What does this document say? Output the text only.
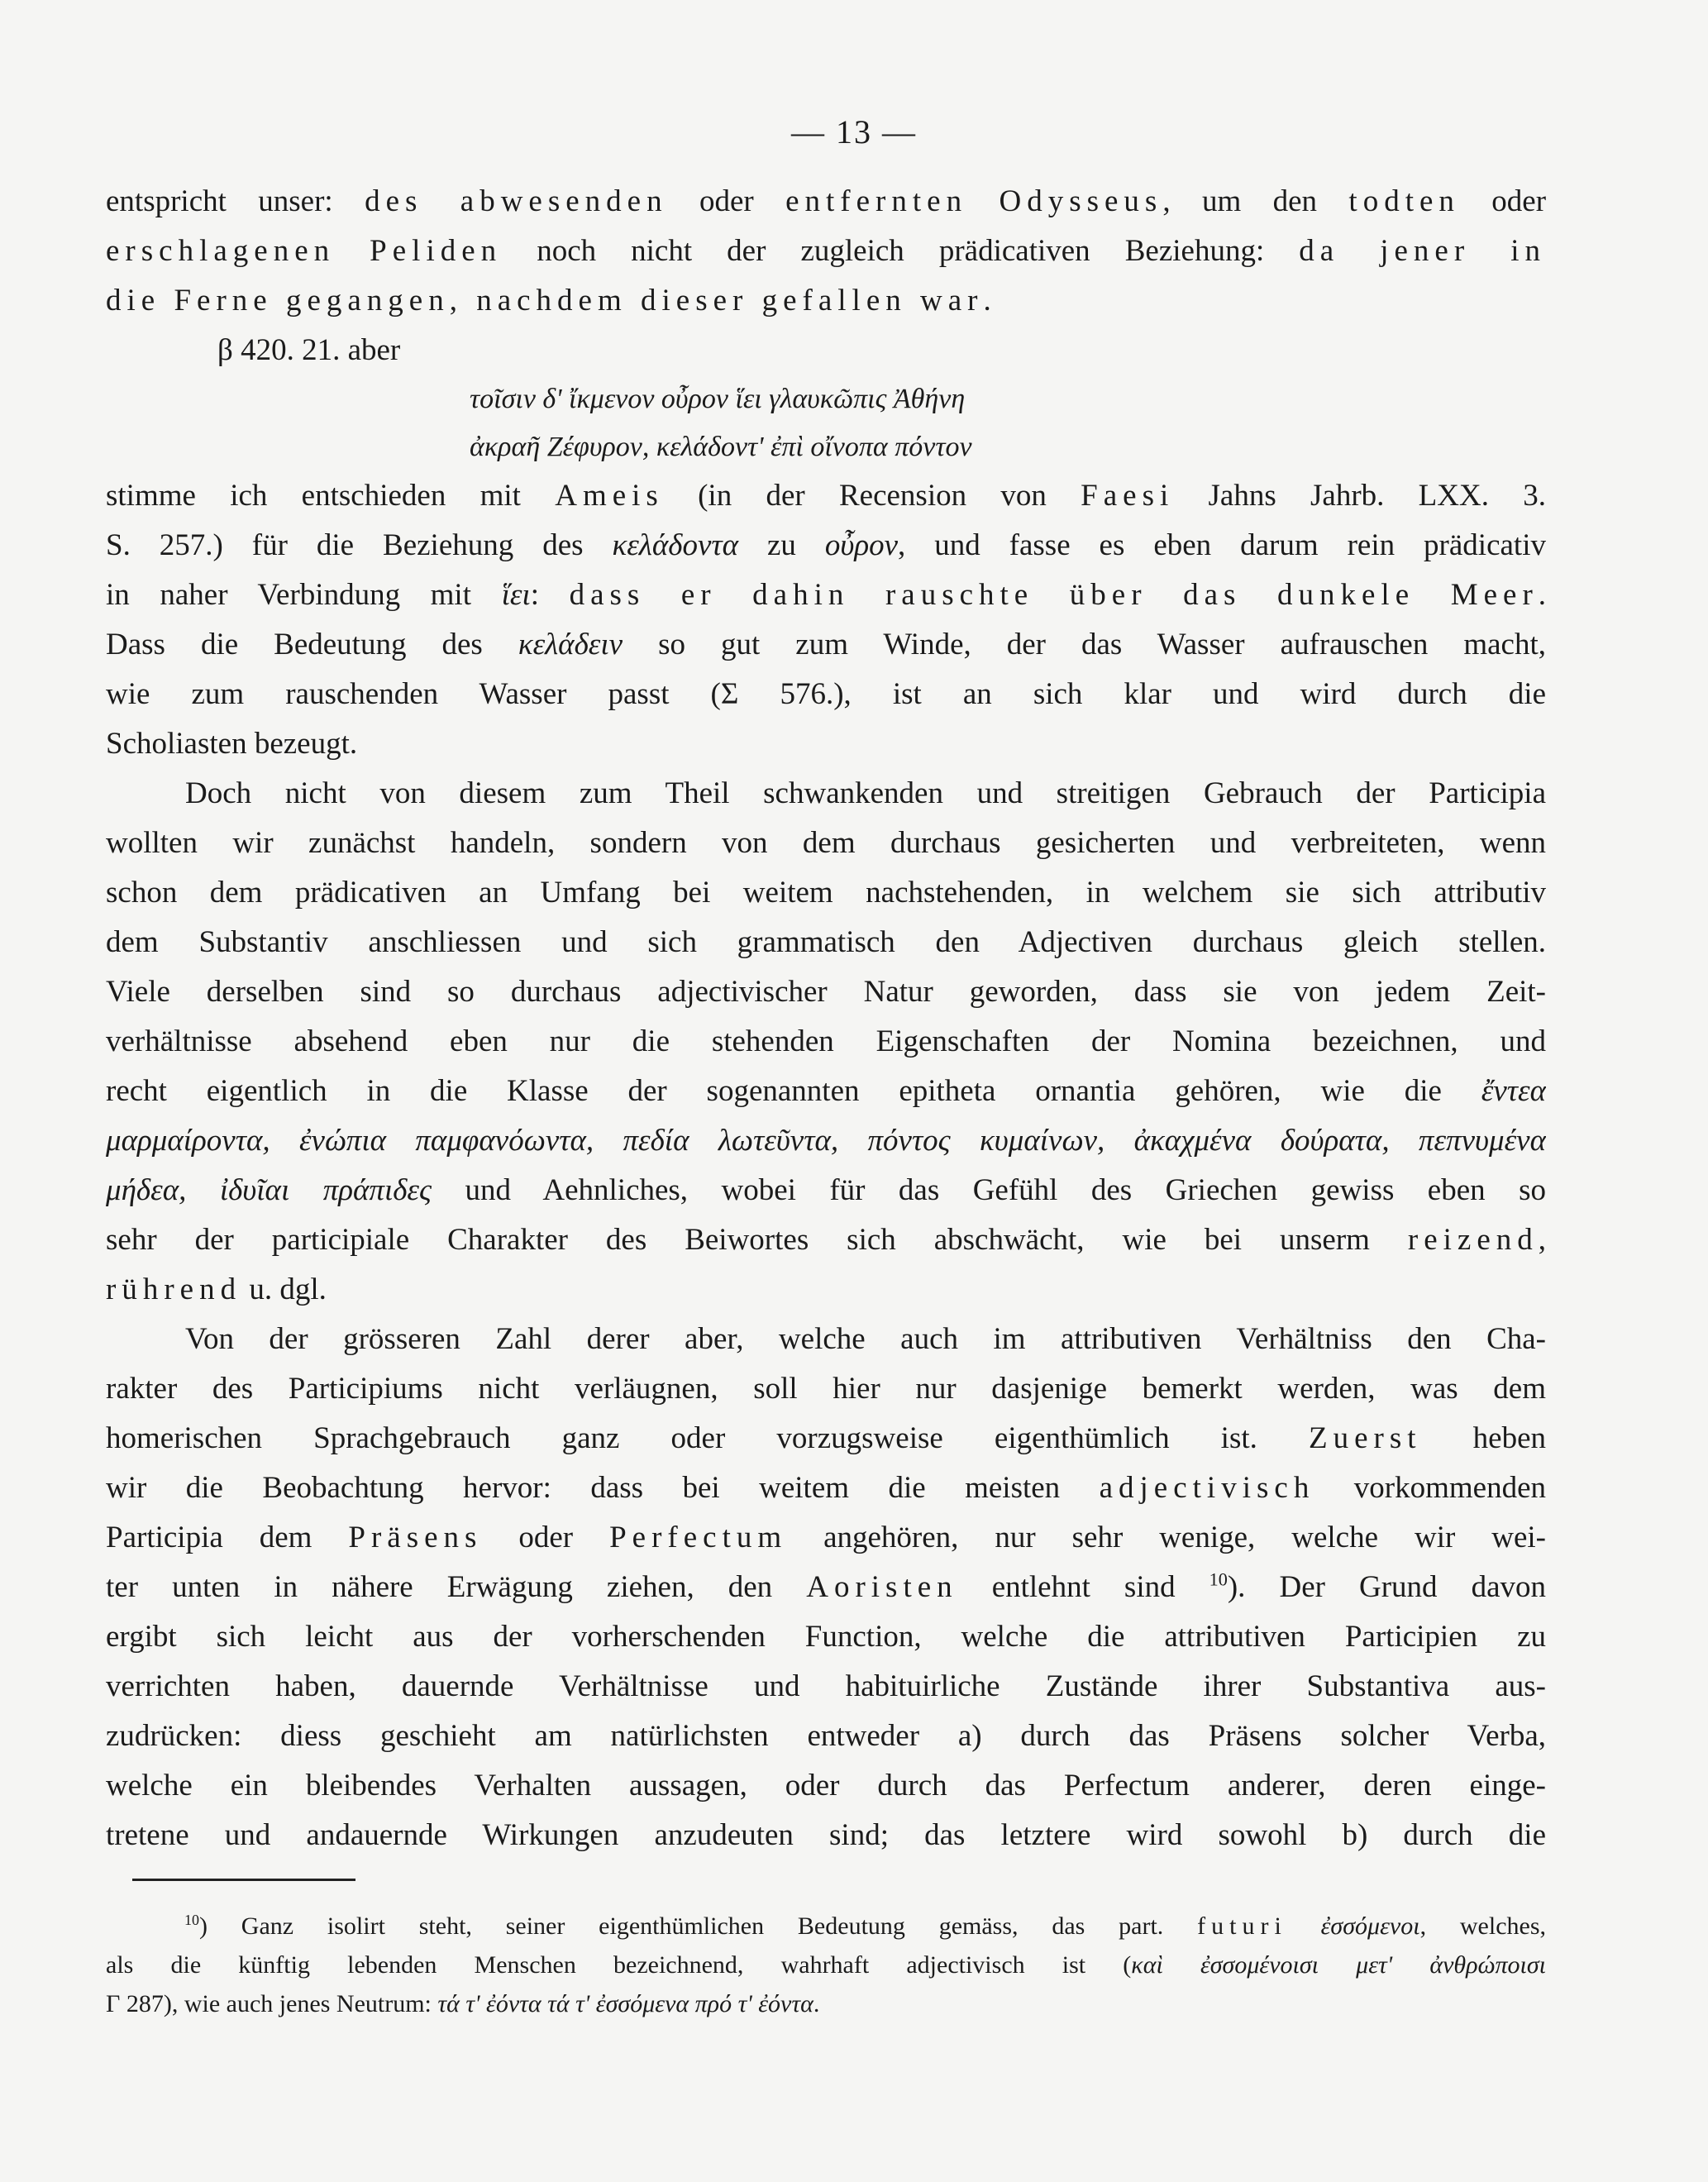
— 13 —
entspricht unser: des abwesenden oder entfernten Odysseus, um den todten oder
erschlagenen Peliden noch nicht der zugleich prädicativen Beziehung: da jener in
die Ferne gegangen, nachdem dieser gefallen war.
β 420. 21. aber
τοῖσιν δ' ἴκμενον οὖρον ἵει γλαυκῶπις Ἀθήνη
ἀκραῆ Ζέφυρον, κελάδοντ' ἐπὶ οἴνοπα πόντον
stimme ich entschieden mit Ameis (in der Recension von Faesi Jahns Jahrb. LXX. 3.
S. 257.) für die Beziehung des κελάδοντα zu οὖρον, und fasse es eben darum rein prädicativ
in naher Verbindung mit ἵει: dass er dahin rauschte über das dunkele Meer.
Dass die Bedeutung des κελάδειν so gut zum Winde, der das Wasser aufrauschen macht,
wie zum rauschenden Wasser passt (Σ 576.), ist an sich klar und wird durch die
Scholiasten bezeugt.
Doch nicht von diesem zum Theil schwankenden und streitigen Gebrauch der Participia
wollten wir zunächst handeln, sondern von dem durchaus gesicherten und verbreiteten, wenn
schon dem prädicativen an Umfang bei weitem nachstehenden, in welchem sie sich attributiv
dem Substantiv anschliessen und sich grammatisch den Adjectiven durchaus gleich stellen.
Viele derselben sind so durchaus adjectivischer Natur geworden, dass sie von jedem Zeit-
verhältnisse absehend eben nur die stehenden Eigenschaften der Nomina bezeichnen, und
recht eigentlich in die Klasse der sogenannten epitheta ornantia gehören, wie die ἔντεα
μαρμαίροντα, ἐνώπια παμφανόωντα, πεδία λωτεῦντα, πόντος κυμαίνων, ἀκαχμένα δούρατα, πεπνυμένα
μήδεα, ἰδυῖαι πράπιδες und Aehnliches, wobei für das Gefühl des Griechen gewiss eben so
sehr der participiale Charakter des Beiwortes sich abschwächt, wie bei unserm reizend,
rührend u. dgl.
Von der grösseren Zahl derer aber, welche auch im attributiven Verhältniss den Cha-
rakter des Participiums nicht verläugnen, soll hier nur dasjenige bemerkt werden, was dem
homerischen Sprachgebrauch ganz oder vorzugsweise eigenthümlich ist. Zuerst heben
wir die Beobachtung hervor: dass bei weitem die meisten adjectivisch vorkommenden
Participia dem Präsens oder Perfectum angehören, nur sehr wenige, welche wir wei-
ter unten in nähere Erwägung ziehen, den Aoristen entlehnt sind $^{10}$). Der Grund davon
ergibt sich leicht aus der vorherschenden Function, welche die attributiven Participien zu
verrichten haben, dauernde Verhältnisse und habituirliche Zustände ihrer Substantiva aus-
zudrücken: diess geschieht am natürlichsten entweder a) durch das Präsens solcher Verba,
welche ein bleibendes Verhalten aussagen, oder durch das Perfectum anderer, deren einge-
tretene und andauernde Wirkungen anzudeuten sind; das letztere wird sowohl b) durch die
$^{10}$) Ganz isolirt steht, seiner eigenthümlichen Bedeutung gemäss, das part. futuri ἐσσόμενοι, welches,
als die künftig lebenden Menschen bezeichnend, wahrhaft adjectivisch ist (καὶ ἐσσομένοισι μετ' ἀνθρώποισι
Γ 287), wie auch jenes Neutrum: τά τ' ἐόντα τά τ' ἐσσόμενα πρό τ' ἐόντα.
